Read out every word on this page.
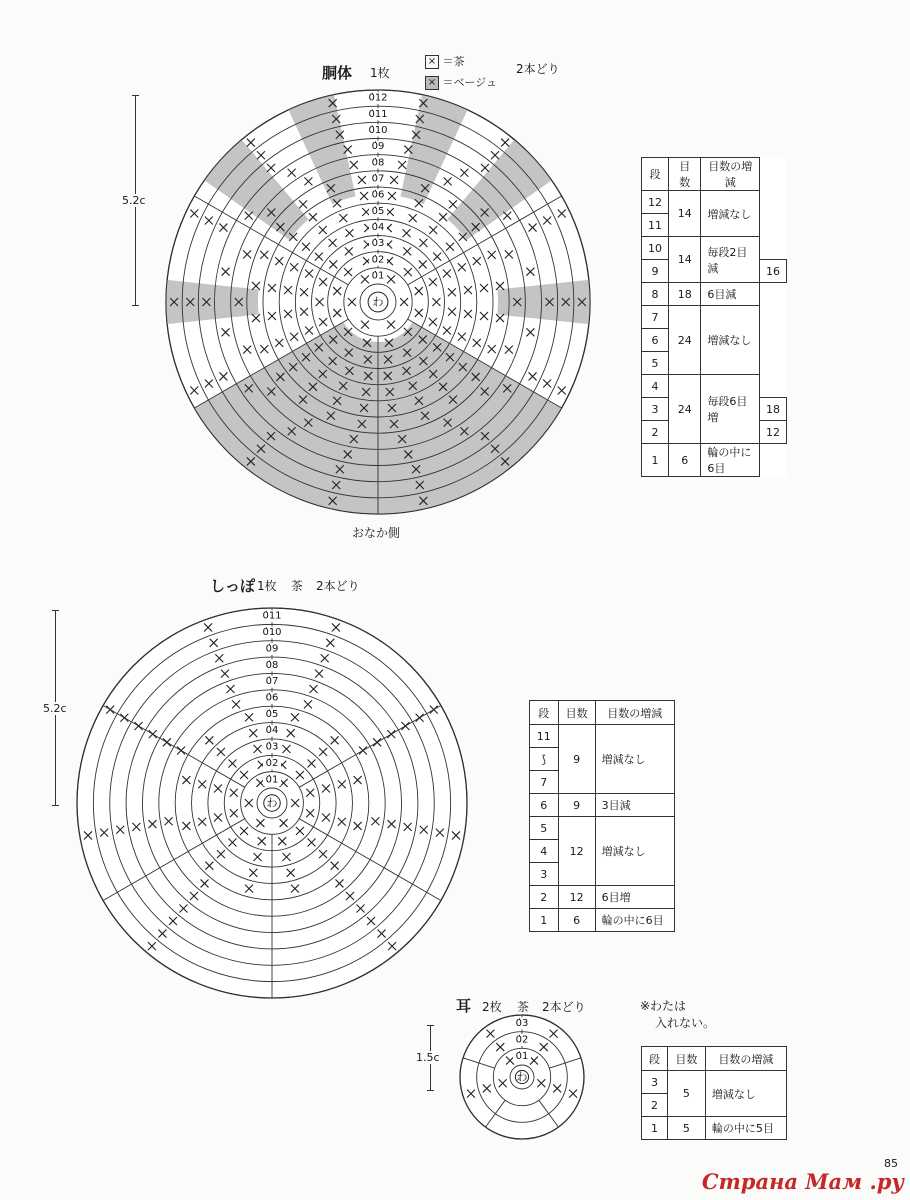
胴体 1枚
× ＝茶
× ＝ベージュ
2本どり
5.2c
おなか側
段	目数	目数の増減	
12	14	増減なし	
11			
10	14	毎段2目減	
9			16
8	18	6目減	
7	24	増減なし	
6			
5			
4	24	毎段6目増	
3			18
2			12
1	6	輪の中に6目	
しっぽ 1枚 茶 2本どり
5.2c	段	目数	目数の増減
11	9	増減なし
⟆		
7		
6	9	3目減
5	12	増減なし
4		
3		
2	12	6目増
1	6	輪の中に6目
耳 2枚 茶 2本どり	※わたは
入れない。
1.5c	段	目数	目数の増減
3	5	増減なし
2		
1	5	輪の中に5目
わ
0̇1
0̇2
0̇3
0̇4
0̇5
0̇6
0̇7
0̇8
0̇9
0̇10
0̇11
0̇12
わ
0̇1
0̇2
0̇3
0̇4
0̇5
0̇6
0̇7
0̇8
0̇9
0̇10
0̇11
わ
0̇1
0̇2
0̇3
85
Страна Мам .ру
